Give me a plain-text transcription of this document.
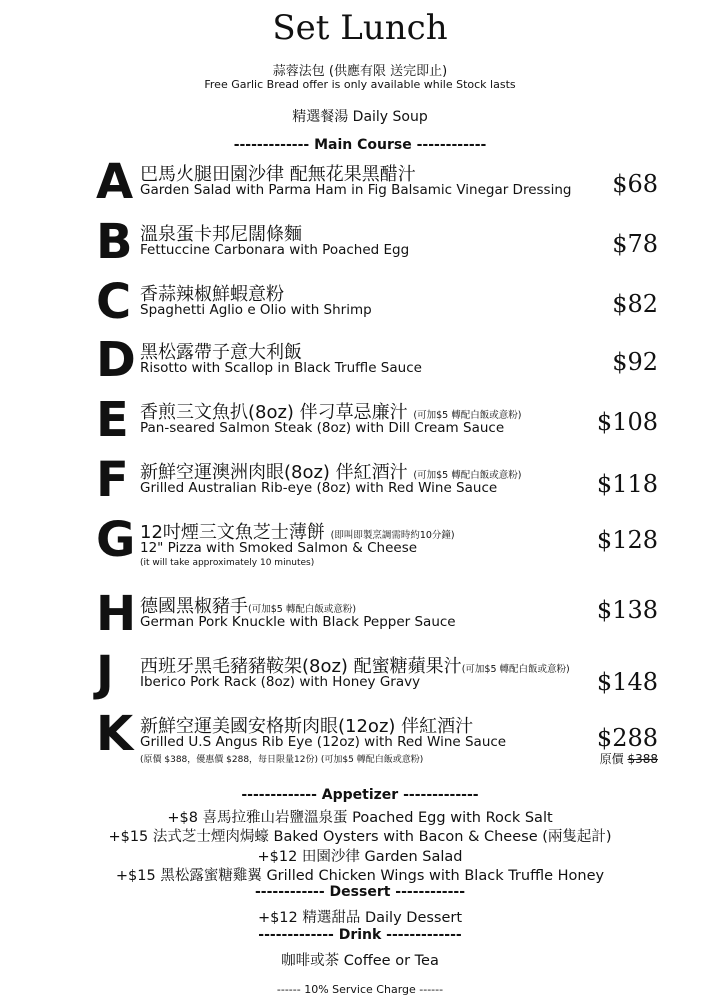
Set Lunch
蒜蓉法包 (供應有限 送完即止)
Free Garlic Bread offer is only available while Stock lasts
精選餐湯 Daily Soup
------------- Main Course ------------
A 巴馬火腿田園沙律 配無花果黑醋汁
Garden Salad with Parma Ham in Fig Balsamic Vinegar Dressing $68
B 溫泉蛋卡邦尼闊條麵
Fettuccine Carbonara with Poached Egg	$78
C 香蒜辣椒鮮蝦意粉
Spaghetti Aglio e Olio with Shrimp	$82
D 黑松露帶子意大利飯
Risotto with Scallop in Black Truffle Sauce	$92
E 香煎三文魚扒(8oz) 伴刁草忌廉汁 (可加$5 轉配白飯或意粉)
Pan-seared Salmon Steak (8oz) with Dill Cream Sauce	$108
F 新鮮空運澳洲肉眼(8oz) 伴紅酒汁 (可加$5 轉配白飯或意粉)
Grilled Australian Rib-eye (8oz) with Red Wine Sauce	$118
G 12吋煙三文魚芝士薄餅 (即叫即製烹調需時約10分鐘)
12" Pizza with Smoked Salmon & Cheese
(it will take approximately 10 minutes)
$128
H 德國黑椒豬手(可加$5 轉配白飯或意粉)
German Pork Knuckle with Black Pepper Sauce	$138
J 西班牙黑毛豬豬鞍架(8oz) 配蜜糖蘋果汁(可加$5 轉配白飯或意粉)
Iberico Pork Rack (8oz) with Honey Gravy	$148
K 新鮮空運美國安格斯肉眼(12oz) 伴紅酒汁
Grilled U.S Angus Rib Eye (12oz) with Red Wine Sauce
(原價 $388，優惠價 $288，每日限量12份) (可加$5 轉配白飯或意粉)
$288
原價 $388
------------- Appetizer -------------
+$8 喜馬拉雅山岩鹽溫泉蛋 Poached Egg with Rock Salt
+$15 法式芝士煙肉焗蠔 Baked Oysters with Bacon & Cheese (兩隻起計)
+$12 田園沙律 Garden Salad
+$15 黑松露蜜糖雞翼 Grilled Chicken Wings with Black Truffle Honey
------------ Dessert ------------
+$12 精選甜品 Daily Dessert
------------- Drink -------------
咖啡或茶 Coffee or Tea
------ 10% Service Charge ------
